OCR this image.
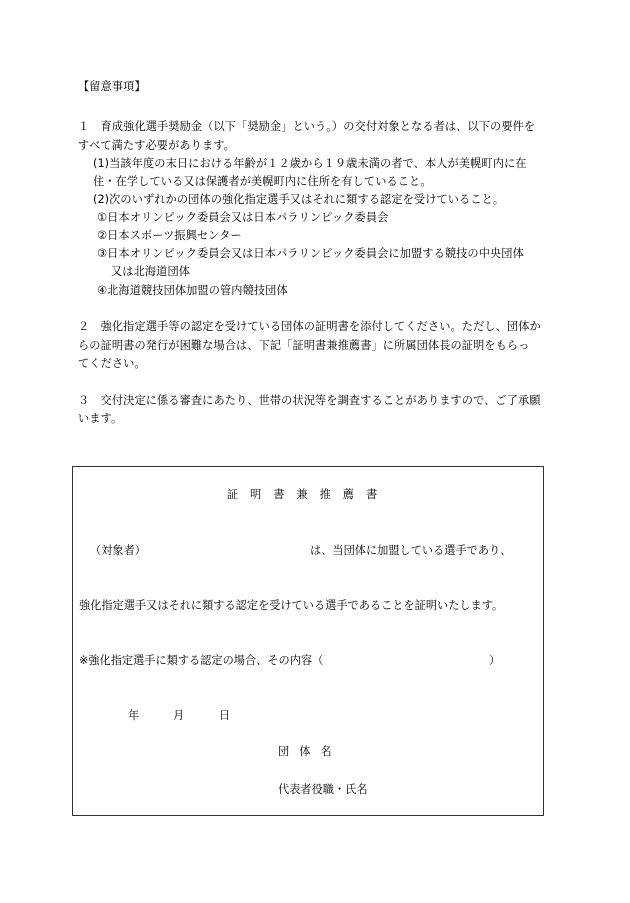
【留意事項】
１　育成強化選手奨励金（以下「奨励金」という。）の交付対象となる者は、以下の要件を
すべて満たす必要があります。
(1)当該年度の末日における年齢が１２歳から１９歳未満の者で、本人が美幌町内に在
住・在学している又は保護者が美幌町内に住所を有していること。
(2)次のいずれかの団体の強化指定選手又はそれに類する認定を受けていること。
①日本オリンピック委員会又は日本パラリンピック委員会
②日本スポーツ振興センター
③日本オリンピック委員会又は日本パラリンピック委員会に加盟する競技の中央団体
又は北海道団体
④北海道競技団体加盟の管内競技団体
２　強化指定選手等の認定を受けている団体の証明書を添付してください。ただし、団体か
らの証明書の発行が困難な場合は、下記「証明書兼推薦書」に所属団体長の証明をもらっ
てください。
３　交付決定に係る審査にあたり、世帯の状況等を調査することがありますので、ご了承願
います。
証明書兼推薦書
（対象者）	は、当団体に加盟している選手であり、
強化指定選手又はそれに類する認定を受けている選手であることを証明いたします。
※強化指定選手に類する認定の場合、その内容（	）
年	月	日
団体名
代表者役職・氏名
